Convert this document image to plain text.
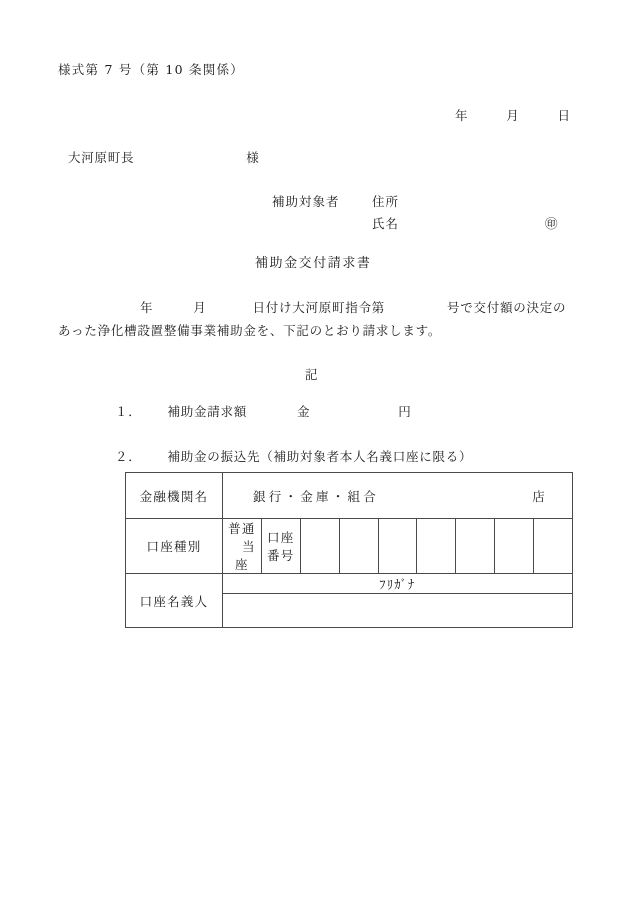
様式第 7 号（第 10 条関係）
年	月	日
大河原町長	様
補助対象者	住所
氏名	㊞
補助金交付請求書
年	月	日付け大河原町指令第	号で交付額の決定の
あった浄化槽設置整備事業補助金を、下記のとおり請求します。
記
１． 補助金請求額	金	円
２． 補助金の振込先（補助対象者本人名義口座に限る）
金融機関名	銀行・金庫・組合 店								

口座種別	普通当座	口座番号							
口座名義人	ﾌﾘｶﾞﾅ								
